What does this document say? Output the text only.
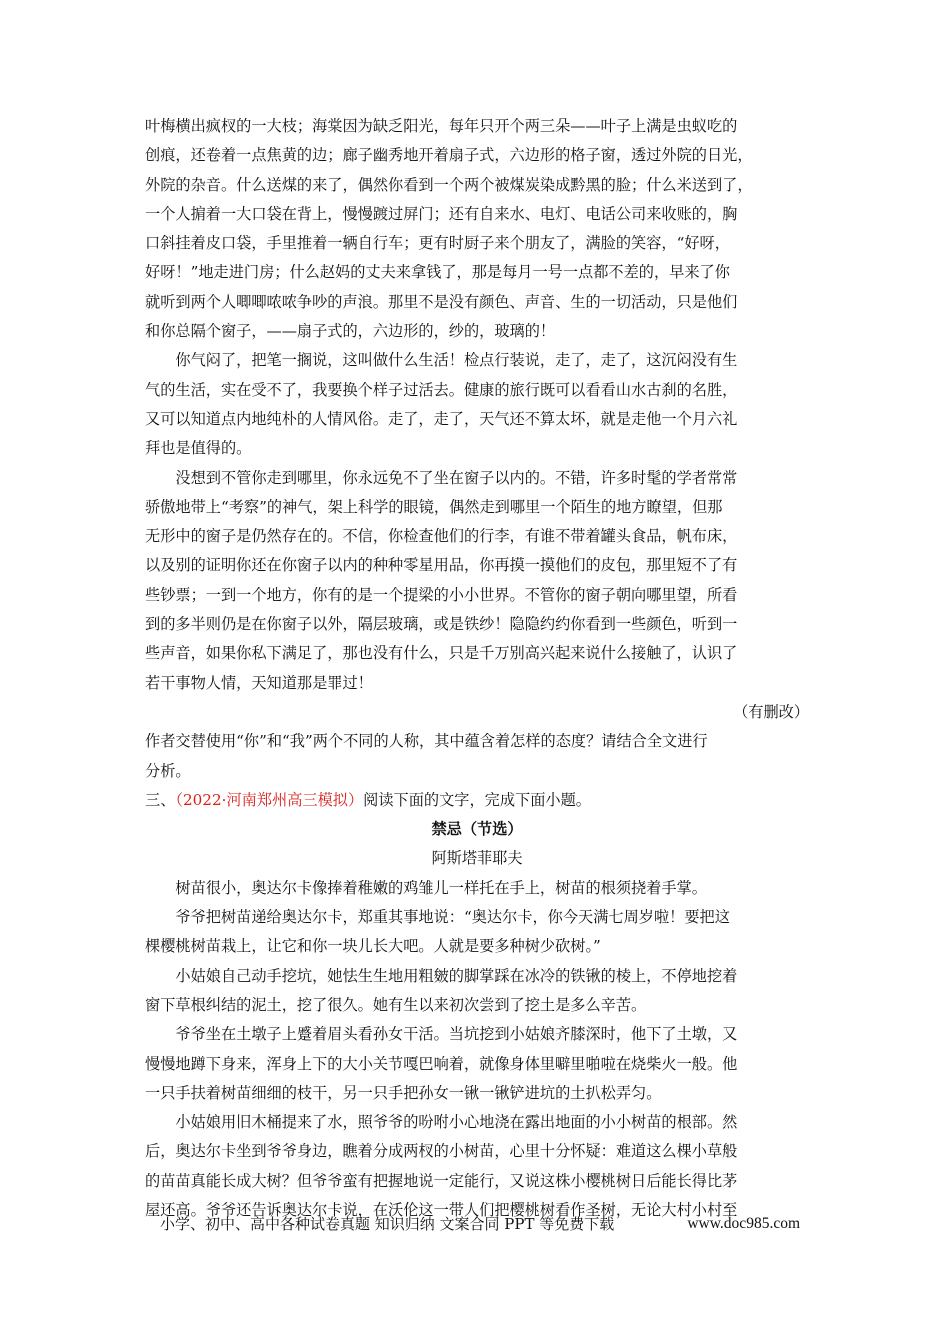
叶梅横出疯杈的一大枝；海棠因为缺乏阳光，每年只开个两三朵——叶子上满是虫蚁吃的
创痕，还卷着一点焦黄的边；廊子幽秀地开着扇子式，六边形的格子窗，透过外院的日光，
外院的杂音。什么送煤的来了，偶然你看到一个两个被煤炭染成黔黑的脸；什么米送到了，
一个人掮着一大口袋在背上，慢慢踱过屏门；还有自来水、电灯、电话公司来收账的，胸
口斜挂着皮口袋，手里推着一辆自行车；更有时厨子来个朋友了，满脸的笑容，“好呀，
好呀！”地走进门房；什么赵妈的丈夫来拿钱了，那是每月一号一点都不差的，早来了你
就听到两个人唧唧哝哝争吵的声浪。那里不是没有颜色、声音、生的一切活动，只是他们
和你总隔个窗子，——扇子式的，六边形的，纱的，玻璃的！
　　你气闷了，把笔一搁说，这叫做什么生活！检点行装说，走了，走了，这沉闷没有生
气的生活，实在受不了，我要换个样子过活去。健康的旅行既可以看看山水古刹的名胜，
又可以知道点内地纯朴的人情风俗。走了，走了，天气还不算太坏，就是走他一个月六礼
拜也是值得的。
　　没想到不管你走到哪里，你永远免不了坐在窗子以内的。不错，许多时髦的学者常常
骄傲地带上“考察”的神气，架上科学的眼镜，偶然走到哪里一个陌生的地方瞭望，但那
无形中的窗子是仍然存在的。不信，你检查他们的行李，有谁不带着罐头食品，帆布床，
以及别的证明你还在你窗子以内的种种零星用品，你再摸一摸他们的皮包，那里短不了有
些钞票；一到一个地方，你有的是一个提梁的小小世界。不管你的窗子朝向哪里望，所看
到的多半则仍是在你窗子以外，隔层玻璃，或是铁纱！隐隐约约你看到一些颜色，听到一
些声音，如果你私下满足了，那也没有什么，只是千万别高兴起来说什么接触了，认识了
若干事物人情，天知道那是罪过！
（有删改）
作者交替使用“你”和“我”两个不同的人称，其中蕴含着怎样的态度？请结合全文进行
分析。
三、（2022·河南郑州高三模拟）阅读下面的文字，完成下面小题。
禁忌（节选）
阿斯塔菲耶夫
　　树苗很小，奥达尔卡像捧着稚嫩的鸡雏儿一样托在手上，树苗的根须挠着手掌。
　　爷爷把树苗递给奥达尔卡，郑重其事地说：“奥达尔卡，你今天满七周岁啦！要把这
棵樱桃树苗栽上，让它和你一块儿长大吧。人就是要多种树少砍树。”
　　小姑娘自己动手挖坑，她怯生生地用粗皴的脚掌踩在冰冷的铁锹的棱上，不停地挖着
窗下草根纠结的泥土，挖了很久。她有生以来初次尝到了挖土是多么辛苦。
　　爷爷坐在土墩子上蹙着眉头看孙女干活。当坑挖到小姑娘齐膝深时，他下了土墩，又
慢慢地蹲下身来，浑身上下的大小关节嘎巴响着，就像身体里噼里啪啦在烧柴火一般。他
一只手扶着树苗细细的枝干，另一只手把孙女一锹一锹铲进坑的土扒松弄匀。
　　小姑娘用旧木桶提来了水，照爷爷的吩咐小心地浇在露出地面的小小树苗的根部。然
后，奥达尔卡坐到爷爷身边，瞧着分成两杈的小树苗，心里十分怀疑：难道这么棵小草般
的苗苗真能长成大树？但爷爷蛮有把握地说一定能行，又说这株小樱桃树日后能长得比茅
屋还高。爷爷还告诉奥达尔卡说，在沃伦这一带人们把樱桃树看作圣树，无论大村小村至
小学、初中、高中各种试卷真题 知识归纳 文案合同 PPT 等免费下载	www.doc985.com
